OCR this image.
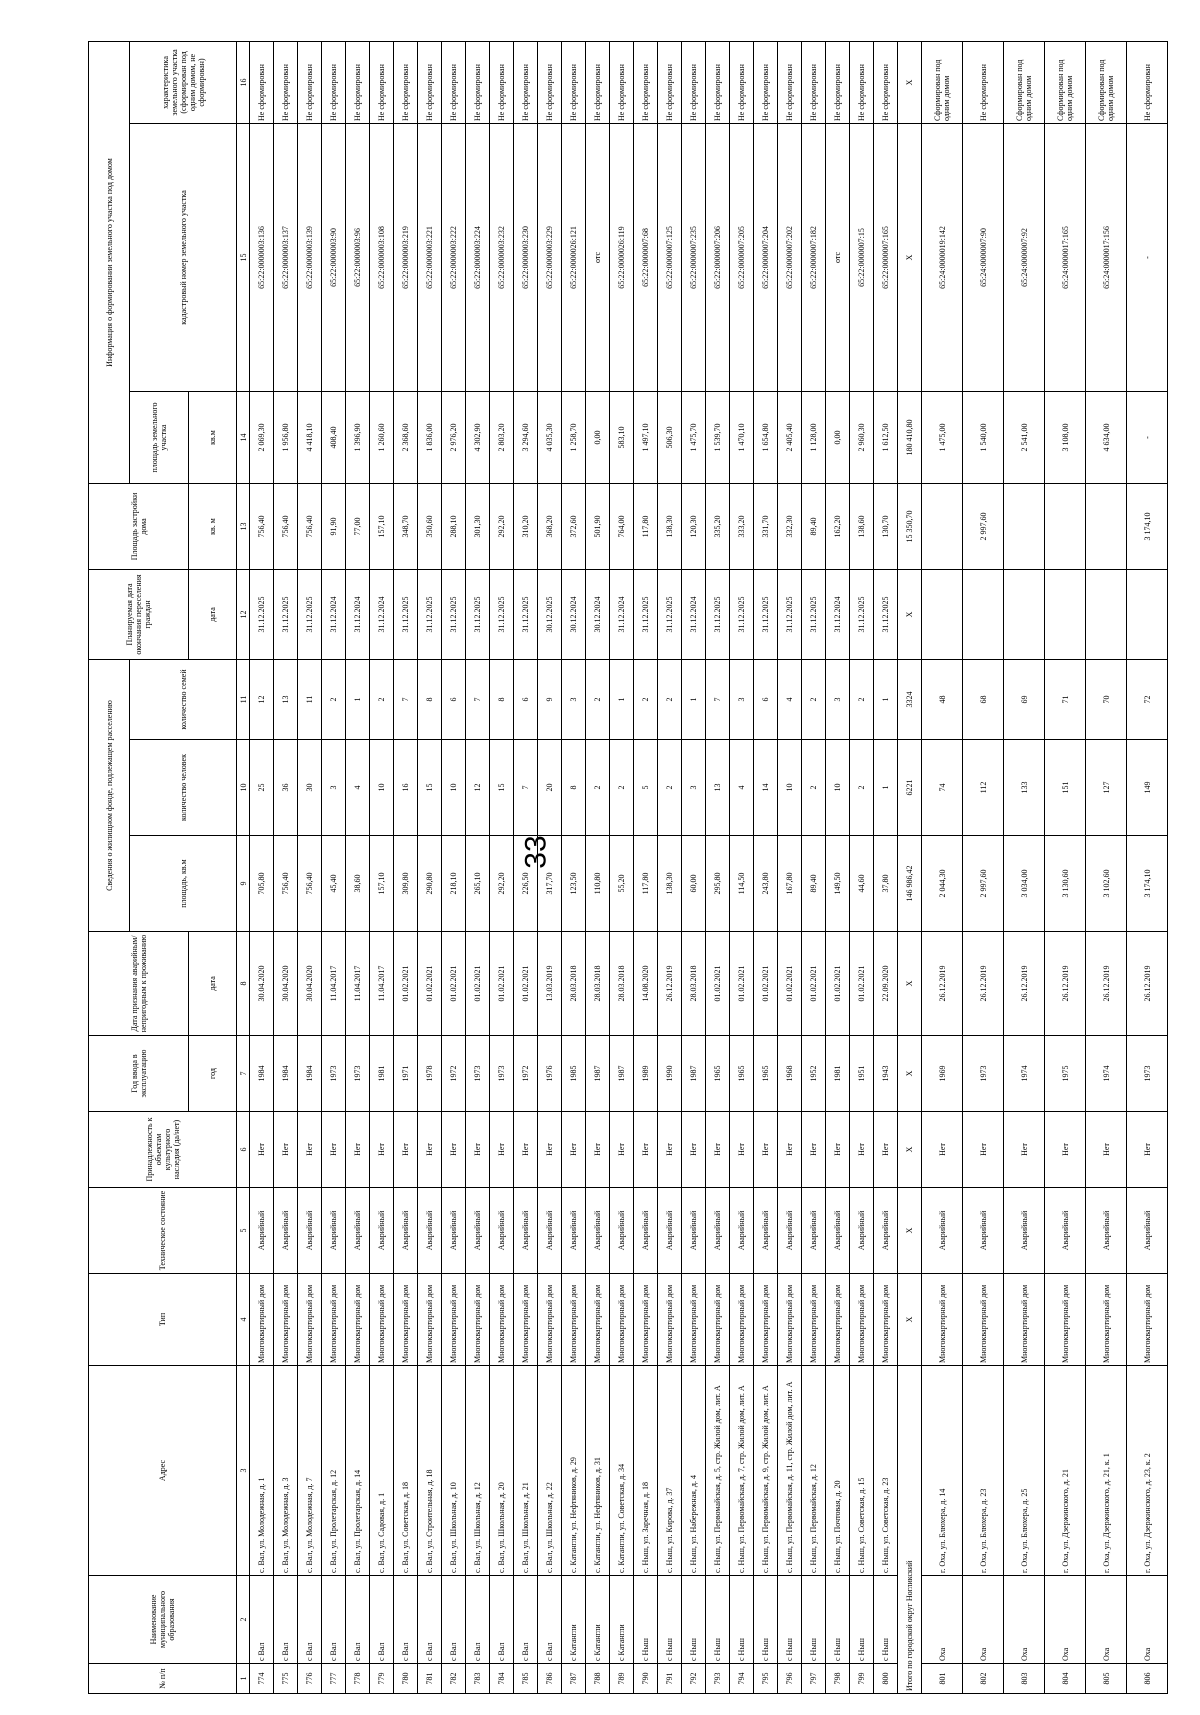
33
№ п/п	Наименование муниципального образования	Адрес	Тип	Техническое состояние	Принадлежность к объектам культурного наследия (да/нет)	Год ввода в эксплуатацию	Дата признания аварийным/непригодным к проживанию	Сведения о жилищном фонде, подлежащем расселению			Планируемая дата окончания переселения граждан	Площадь застройки дома	Информация о формировании земельного участка под домом		
								площадь, кв.м	количество человек	количество семей			площадь земельного участка	кадастровый номер земельного участка	характеристика земельного участка (сформирован под одним домом, не сформирован)
						год	дата				дата	кв. м	кв.м		
1	2	3	4	5	6	7	8	9	10	11	12	13	14	15	16
774	с Вал	с. Вал, ул. Молодежная, д. 1	Многоквартирный дом	Аварийный	Нет	1984	30.04.2020	705,80	25	12	31.12.2025	756,40	2 069,30	65:22:0000003:136	Не сформирован
775	с Вал	с. Вал, ул. Молодежная, д. 3	Многоквартирный дом	Аварийный	Нет	1984	30.04.2020	756,40	36	13	31.12.2025	756,40	1 956,80	65:22:0000003:137	Не сформирован
776	с Вал	с. Вал, ул. Молодежная, д. 7	Многоквартирный дом	Аварийный	Нет	1984	30.04.2020	756,40	30	11	31.12.2025	756,40	4 418,10	65:22:0000003:139	Не сформирован
777	с Вал	с. Вал, ул. Пролетарская, д. 12	Многоквартирный дом	Аварийный	Нет	1973	11.04.2017	45,40	3	2	31.12.2024	91,90	408,40	65:22:0000003:90	Не сформирован
778	с Вал	с. Вал, ул. Пролетарская, д. 14	Многоквартирный дом	Аварийный	Нет	1973	11.04.2017	38,60	4	1	31.12.2024	77,00	1 396,90	65:22:0000003:96	Не сформирован
779	с Вал	с. Вал, ул. Садовая, д. 1	Многоквартирный дом	Аварийный	Нет	1981	11.04.2017	157,10	10	2	31.12.2024	157,10	1 260,60	65:22:0000003:108	Не сформирован
780	с Вал	с. Вал, ул. Советская, д. 18	Многоквартирный дом	Аварийный	Нет	1971	01.02.2021	309,80	16	7	31.12.2025	348,70	2 368,60	65:22:0000003:219	Не сформирован
781	с Вал	с. Вал, ул. Строительная, д. 18	Многоквартирный дом	Аварийный	Нет	1978	01.02.2021	290,80	15	8	31.12.2025	350,60	1 836,00	65:22:0000003:221	Не сформирован
782	с Вал	с. Вал, ул. Школьная, д. 10	Многоквартирный дом	Аварийный	Нет	1972	01.02.2021	218,10	10	6	31.12.2025	288,10	2 976,20	65:22:0000003:222	Не сформирован
783	с Вал	с. Вал, ул. Школьная, д. 12	Многоквартирный дом	Аварийный	Нет	1973	01.02.2021	265,10	12	7	31.12.2025	301,30	4 302,90	65:22:0000003:224	Не сформирован
784	с Вал	с. Вал, ул. Школьная, д. 20	Многоквартирный дом	Аварийный	Нет	1973	01.02.2021	292,20	15	8	31.12.2025	292,20	2 803,20	65:22:0000003:232	Не сформирован
785	с Вал	с. Вал, ул. Школьная, д. 21	Многоквартирный дом	Аварийный	Нет	1972	01.02.2021	226,50	7	6	31.12.2025	310,20	3 294,60	65:22:0000003:230	Не сформирован
786	с Вал	с. Вал, ул. Школьная, д. 22	Многоквартирный дом	Аварийный	Нет	1976	13.03.2019	317,70	20	9	30.12.2025	368,20	4 035,30	65:22:0000003:229	Не сформирован
787	с Катангли	с. Катангли, ул. Нефтяников, д. 29	Многоквартирный дом	Аварийный	Нет	1985	28.03.2018	123,50	8	3	30.12.2024	372,60	1 258,70	65:22:0000026:121	Не сформирован
788	с Катангли	с. Катангли, ул. Нефтяников, д. 31	Многоквартирный дом	Аварийный	Нет	1987	28.03.2018	110,80	2	2	30.12.2024	501,90	0,00	отс	Не сформирован
789	с Катангли	с. Катангли, ул. Советская, д. 34	Многоквартирный дом	Аварийный	Нет	1987	28.03.2018	55,20	2	1	31.12.2024	764,00	583,10	65:22:0000026:119	Не сформирован
790	с Ныш	с. Ныш, ул. Заречная, д. 18	Многоквартирный дом	Аварийный	Нет	1989	14.08.2020	117,80	5	2	31.12.2025	117,80	1 497,10	65:22:0000007:68	Не сформирован
791	с Ныш	с. Ныш, ул. Кирова, д. 37	Многоквартирный дом	Аварийный	Нет	1990	26.12.2019	138,30	2	2	31.12.2025	138,30	506,30	65:22:0000007:125	Не сформирован
792	с Ныш	с. Ныш, ул. Набережная, д. 4	Многоквартирный дом	Аварийный	Нет	1987	28.03.2018	60,00	3	1	31.12.2024	120,30	1 475,70	65:22:0000007:235	Не сформирован
793	с Ныш	с. Ныш, ул. Первомайская, д. 5, стр. Жилой дом, лит. А	Многоквартирный дом	Аварийный	Нет	1965	01.02.2021	295,80	13	7	31.12.2025	335,20	1 539,70	65:22:0000007:206	Не сформирован
794	с Ныш	с. Ныш, ул. Первомайская, д. 7, стр. Жилой дом, лит. А	Многоквартирный дом	Аварийный	Нет	1965	01.02.2021	114,50	4	3	31.12.2025	333,20	1 470,10	65:22:0000007:205	Не сформирован
795	с Ныш	с. Ныш, ул. Первомайская, д. 9, стр. Жилой дом, лит. А	Многоквартирный дом	Аварийный	Нет	1965	01.02.2021	243,80	14	6	31.12.2025	331,70	1 654,80	65:22:0000007:204	Не сформирован
796	с Ныш	с. Ныш, ул. Первомайская, д. 11, стр. Жилой дом, лит. А	Многоквартирный дом	Аварийный	Нет	1968	01.02.2021	167,80	10	4	31.12.2025	332,30	2 405,40	65:22:0000007:202	Не сформирован
797	с Ныш	с. Ныш, ул. Первомайская, д. 12	Многоквартирный дом	Аварийный	Нет	1952	01.02.2021	89,40	2	2	31.12.2025	89,40	1 128,00	65:22:0000007:182	Не сформирован
798	с Ныш	с. Ныш, ул. Почтовая, д. 20	Многоквартирный дом	Аварийный	Нет	1981	01.02.2021	149,50	10	3	31.12.2024	162,20	0,00	отс	Не сформирован
799	с Ныш	с. Ныш, ул. Советская, д. 15	Многоквартирный дом	Аварийный	Нет	1951	01.02.2021	44,60	2	2	31.12.2025	138,60	2 960,30	65:22:0000007:15	Не сформирован
800	с Ныш	с. Ныш, ул. Советская, д. 23	Многоквартирный дом	Аварийный	Нет	1943	22.09.2020	37,80	1	1	31.12.2025	130,70	1 612,50	65:22:0000007:165	Не сформирован
Итого по городской округ Ногликский			X	X	X	X	X	146 986,42	6221	3324	X	15 350,70	180 410,80	X	X
801	Оха	г. Оха, ул. Блюхера, д. 14	Многоквартирный дом	Аварийный	Нет	1969	26.12.2019	2 044,30	74	48			1 475,00	65:24:0000019:142	Сформирован под одним домом
802	Оха	г. Оха, ул. Блюхера, д. 23	Многоквартирный дом	Аварийный	Нет	1973	26.12.2019	2 997,60	112	68		2 997,60	1 540,00	65:24:0000007:90	Не сформирован
803	Оха	г. Оха, ул. Блюхера, д. 25	Многоквартирный дом	Аварийный	Нет	1974	26.12.2019	3 034,00	133	69			2 541,00	65:24:0000007:92	Сформирован под одним домом
804	Оха	г. Оха, ул. Дзержинского, д. 21	Многоквартирный дом	Аварийный	Нет	1975	26.12.2019	3 130,60	151	71			3 108,00	65:24:0000017:165	Сформирован под одним домом
805	Оха	г. Оха, ул. Дзержинского, д. 21, к. 1	Многоквартирный дом	Аварийный	Нет	1974	26.12.2019	3 102,60	127	70			4 634,00	65:24:0000017:156	Сформирован под одним домом
806	Оха	г. Оха, ул. Дзержинского, д. 23, к. 2	Многоквартирный дом	Аварийный	Нет	1973	26.12.2019	3 174,10	149	72		3 174,10	-	-	Не сформирован
